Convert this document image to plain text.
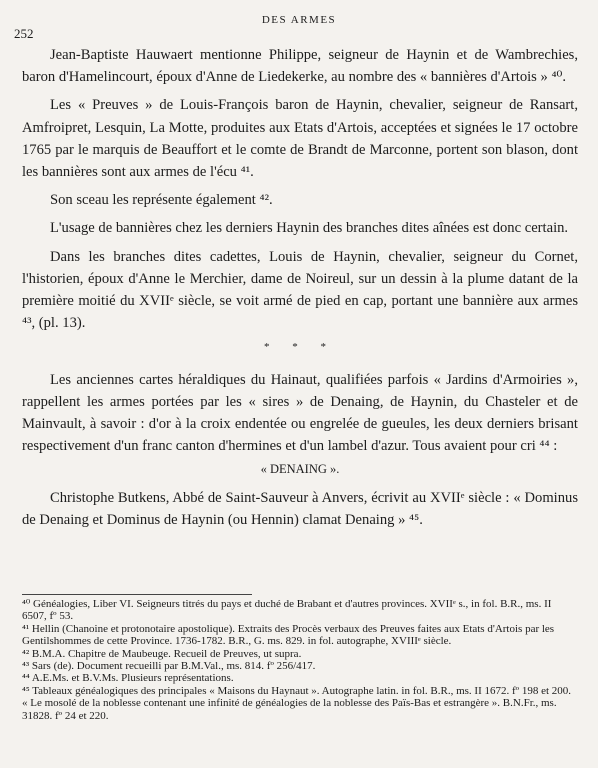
DES ARMES
252

Jean-Baptiste Hauwaert mentionne Philippe, seigneur de Haynin et de Wambrechies, baron d'Hamelincourt, époux d'Anne de Liedekerke, au nombre des « bannières d'Artois » ⁴⁰.

Les « Preuves » de Louis-François baron de Haynin, chevalier, seigneur de Ransart, Amfroipret, Lesquin, La Motte, produites aux Etats d'Artois, acceptées et signées le 17 octobre 1765 par le marquis de Beauffort et le comte de Brandt de Marconne, portent son blason, dont les bannières sont aux armes de l'écu ⁴¹.

Son sceau les représente également ⁴².

L'usage de bannières chez les derniers Haynin des branches dites aînées est donc certain.

Dans les branches dites cadettes, Louis de Haynin, chevalier, seigneur du Cornet, l'historien, époux d'Anne le Merchier, dame de Noireul, sur un dessin à la plume datant de la première moitié du XVIIᵉ siècle, se voit armé de pied en cap, portant une bannière aux armes ⁴³, (pl. 13).

* * *

Les anciennes cartes héraldiques du Hainaut, qualifiées parfois « Jardins d'Armoiries », rappellent les armes portées par les « sires » de Denaing, de Haynin, du Chasteler et de Mainvault, à savoir : d'or à la croix endentée ou engrelée de gueules, les deux derniers brisant respectivement d'un franc canton d'hermines et d'un lambel d'azur. Tous avaient pour cri ⁴⁴ :

« DENAING ».

Christophe Butkens, Abbé de Saint-Sauveur à Anvers, écrivit au XVIIᵉ siècle : « Dominus de Denaing et Dominus de Haynin (ou Hennin) clamat Denaing » ⁴⁵.

⁴⁰ Généalogies, Liber VI. Seigneurs titrés du pays et duché de Brabant et d'autres provinces. XVIIᵉ s., in fol. B.R., ms. II 6507, fº 53.
⁴¹ Hellin (Chanoine et protonotaire apostolique). Extraits des Procès verbaux des Preuves faites aux Etats d'Artois par les Gentilshommes de cette Province. 1736-1782. B.R., G. ms. 829. in fol. autographe, XVIIIᵉ siècle.
⁴² B.M.A. Chapitre de Maubeuge. Recueil de Preuves, ut supra.
⁴³ Sars (de). Document recueilli par B.M.Val., ms. 814. fº 256/417.
⁴⁴ A.E.Ms. et B.V.Ms. Plusieurs représentations.
⁴⁵ Tableaux généalogiques des principales « Maisons du Haynaut ». Autographe latin. in fol. B.R., ms. II 1672. fº 198 et 200.
« Le mosolé de la noblesse contenant une infinité de généalogies de la noblesse des Païs-Bas et estrangère ». B.N.Fr., ms. 31828. fº 24 et 220.
